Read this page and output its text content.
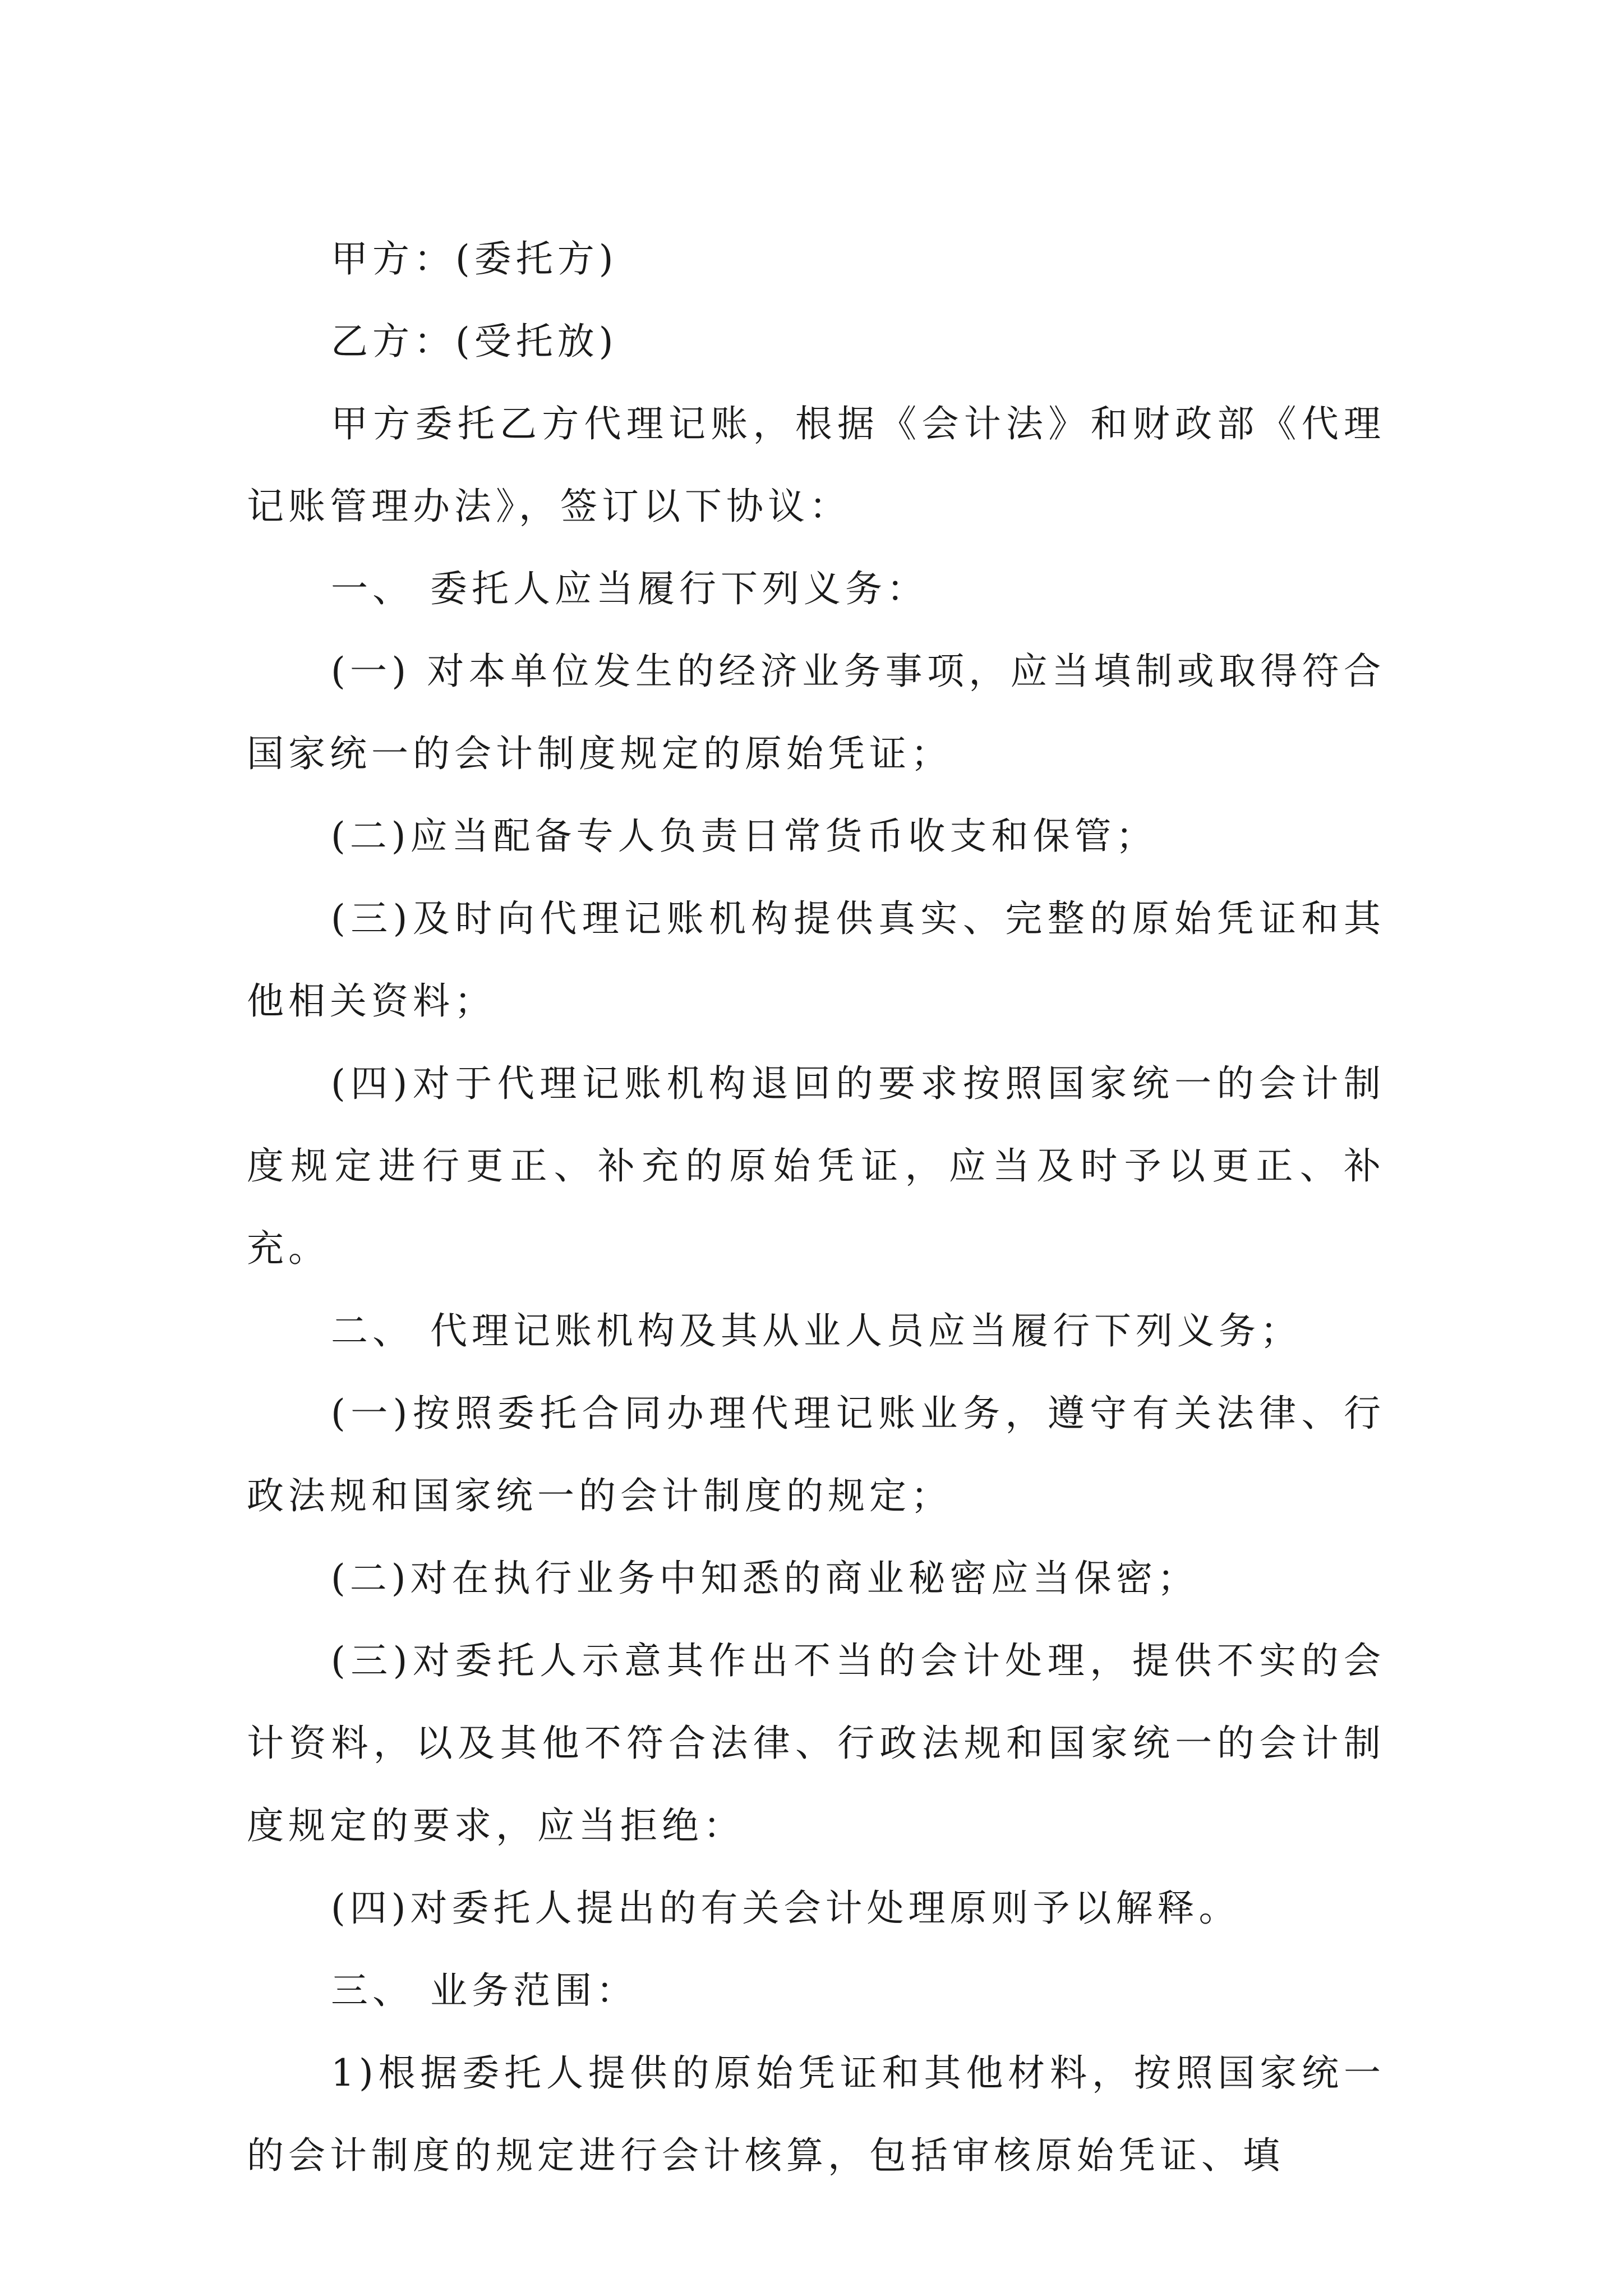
甲方：(委托方)

乙方：(受托放)

甲方委托乙方代理记账，根据《会计法》和财政部《代理记账管理办法》，签订以下协议：

一、 委托人应当履行下列义务：

(一) 对本单位发生的经济业务事项，应当填制或取得符合国家统一的会计制度规定的原始凭证；

(二)应当配备专人负责日常货币收支和保管；

(三)及时向代理记账机构提供真实、完整的原始凭证和其他相关资料；

(四)对于代理记账机构退回的要求按照国家统一的会计制度规定进行更正、补充的原始凭证，应当及时予以更正、补充。

二、 代理记账机构及其从业人员应当履行下列义务；

(一)按照委托合同办理代理记账业务，遵守有关法律、行政法规和国家统一的会计制度的规定；

(二)对在执行业务中知悉的商业秘密应当保密；

(三)对委托人示意其作出不当的会计处理，提供不实的会计资料，以及其他不符合法律、行政法规和国家统一的会计制度规定的要求，应当拒绝：

(四)对委托人提出的有关会计处理原则予以解释。

三、 业务范围：

1)根据委托人提供的原始凭证和其他材料，按照国家统一的会计制度的规定进行会计核算，包括审核原始凭证、填
